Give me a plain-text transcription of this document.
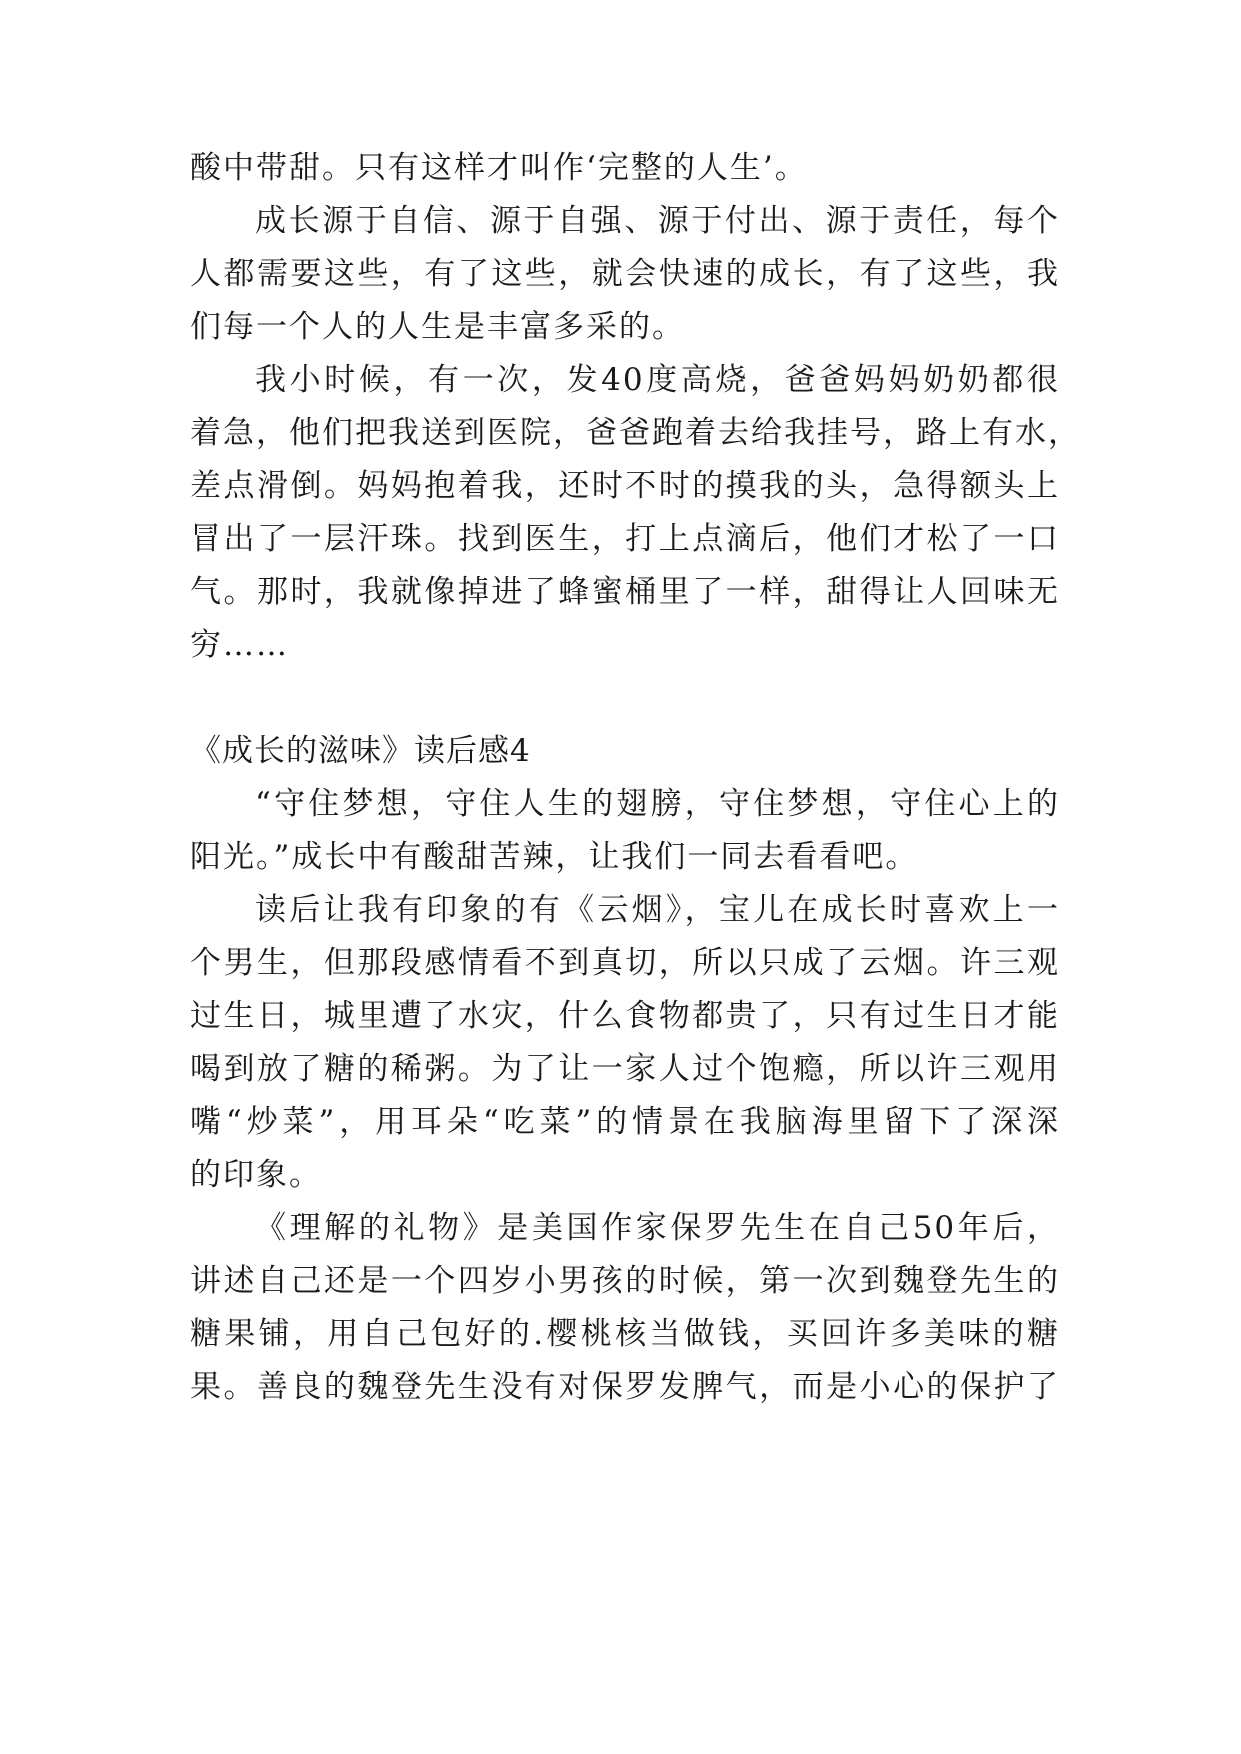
酸中带甜。只有这样才叫作‘完整的人生’。
成长源于自信、源于自强、源于付出、源于责任，每个
人都需要这些，有了这些，就会快速的成长，有了这些，我
们每一个人的人生是丰富多采的。
我小时候，有一次，发40度高烧，爸爸妈妈奶奶都很
着急，他们把我送到医院，爸爸跑着去给我挂号，路上有水，
差点滑倒。妈妈抱着我，还时不时的摸我的头，急得额头上
冒出了一层汗珠。找到医生，打上点滴后，他们才松了一口
气。那时，我就像掉进了蜂蜜桶里了一样，甜得让人回味无
穷……
《成长的滋味》读后感4
“守住梦想，守住人生的翅膀，守住梦想，守住心上的
阳光。”成长中有酸甜苦辣，让我们一同去看看吧。
读后让我有印象的有《云烟》，宝儿在成长时喜欢上一
个男生，但那段感情看不到真切，所以只成了云烟。许三观
过生日，城里遭了水灾，什么食物都贵了，只有过生日才能
喝到放了糖的稀粥。为了让一家人过个饱瘾，所以许三观用
嘴“炒菜”，用耳朵“吃菜”的情景在我脑海里留下了深深
的印象。
《理解的礼物》是美国作家保罗先生在自己50年后，
讲述自己还是一个四岁小男孩的时候，第一次到魏登先生的
糖果铺，用自己包好的.樱桃核当做钱，买回许多美味的糖
果。善良的魏登先生没有对保罗发脾气，而是小心的保护了
